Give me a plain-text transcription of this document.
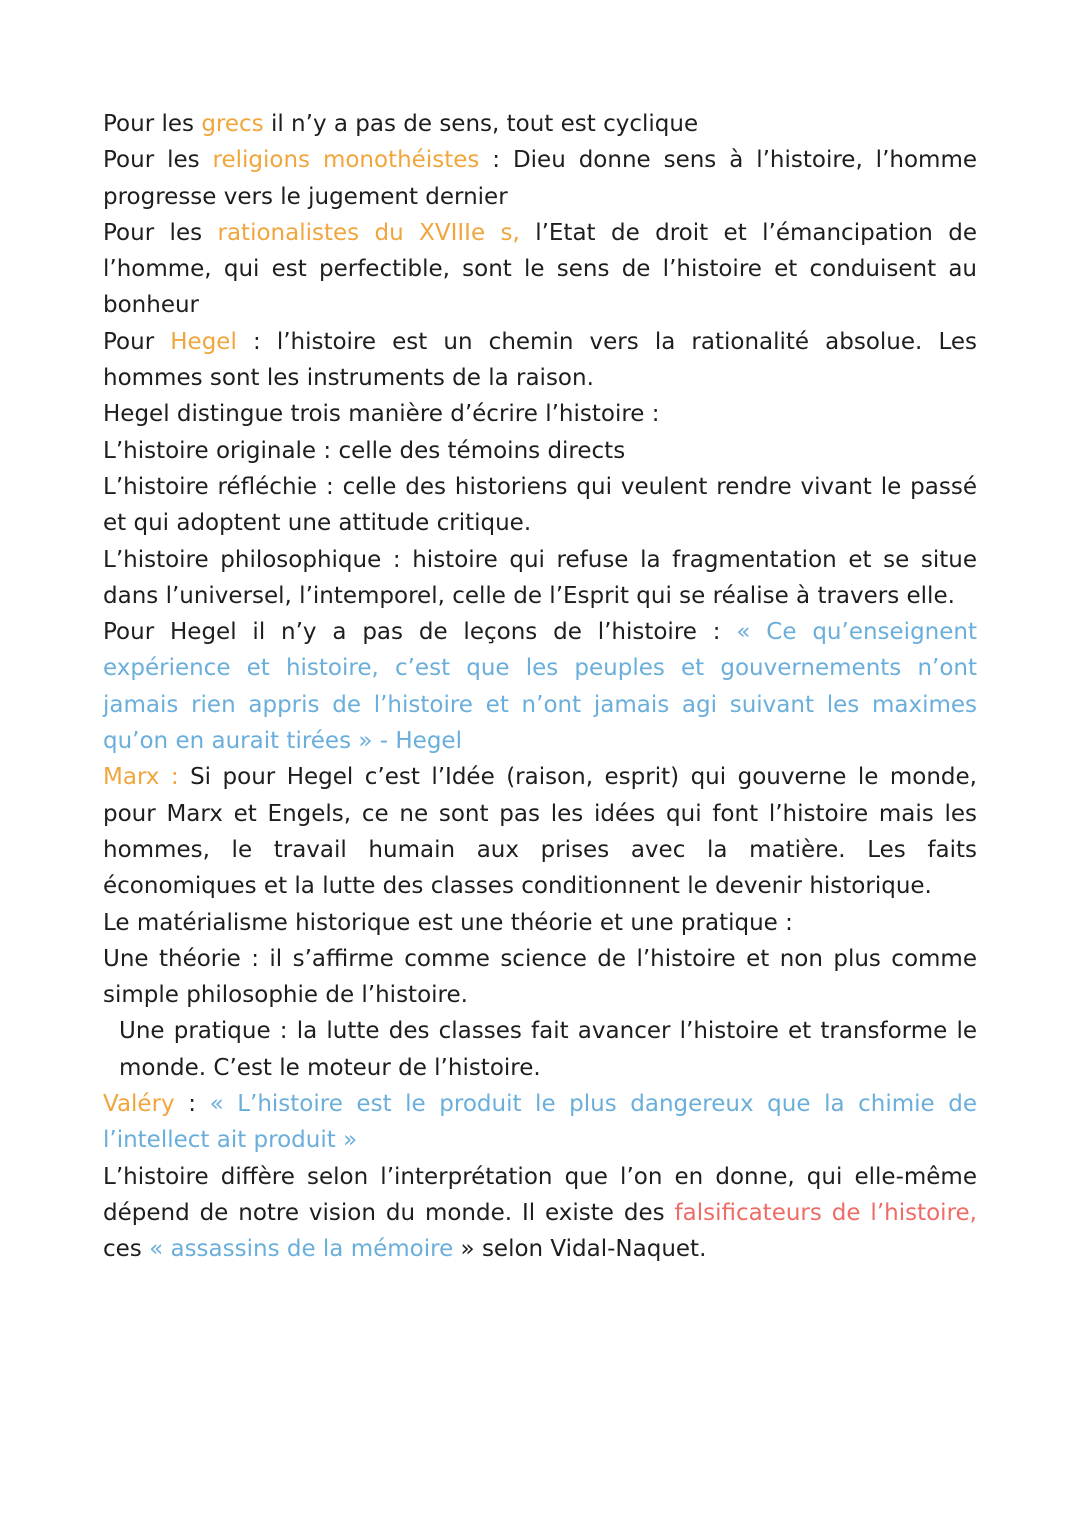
Pour les grecs il n’y a pas de sens, tout est cyclique

Pour les religions monothéistes : Dieu donne sens à l’histoire, l’homme progresse vers le jugement dernier

Pour les rationalistes du XVIIIe s, l’Etat de droit et l’émancipation de l’homme, qui est perfectible, sont le sens de l’histoire et conduisent au bonheur

Pour Hegel : l’histoire est un chemin vers la rationalité absolue. Les hommes sont les instruments de la raison.

Hegel distingue trois manière d’écrire l’histoire :

L’histoire originale : celle des témoins directs

L’histoire réfléchie : celle des historiens qui veulent rendre vivant le passé et qui adoptent une attitude critique.

L’histoire philosophique : histoire qui refuse la fragmentation et se situe dans l’universel, l’intemporel, celle de l’Esprit qui se réalise à travers elle.

Pour Hegel il n’y a pas de leçons de l’histoire : « Ce qu’enseignent expérience et histoire, c’est que les peuples et gouvernements n’ont jamais rien appris de l’histoire et n’ont jamais agi suivant les maximes qu’on en aurait tirées » - Hegel

Marx : Si pour Hegel c’est l’Idée (raison, esprit) qui gouverne le monde, pour Marx et Engels, ce ne sont pas les idées qui font l’histoire mais les hommes, le travail humain aux prises avec la matière. Les faits économiques et la lutte des classes conditionnent le devenir historique.

Le matérialisme historique est une théorie et une pratique :

Une théorie : il s’affirme comme science de l’histoire et non plus comme simple philosophie de l’histoire.

Une pratique : la lutte des classes fait avancer l’histoire et transforme le monde. C’est le moteur de l’histoire.

Valéry : « L’histoire est le produit le plus dangereux que la chimie de l’intellect ait produit »

L’histoire diffère selon l’interprétation que l’on en donne, qui elle-même dépend de notre vision du monde. Il existe des falsificateurs de l’histoire, ces « assassins de la mémoire » selon Vidal-Naquet.
